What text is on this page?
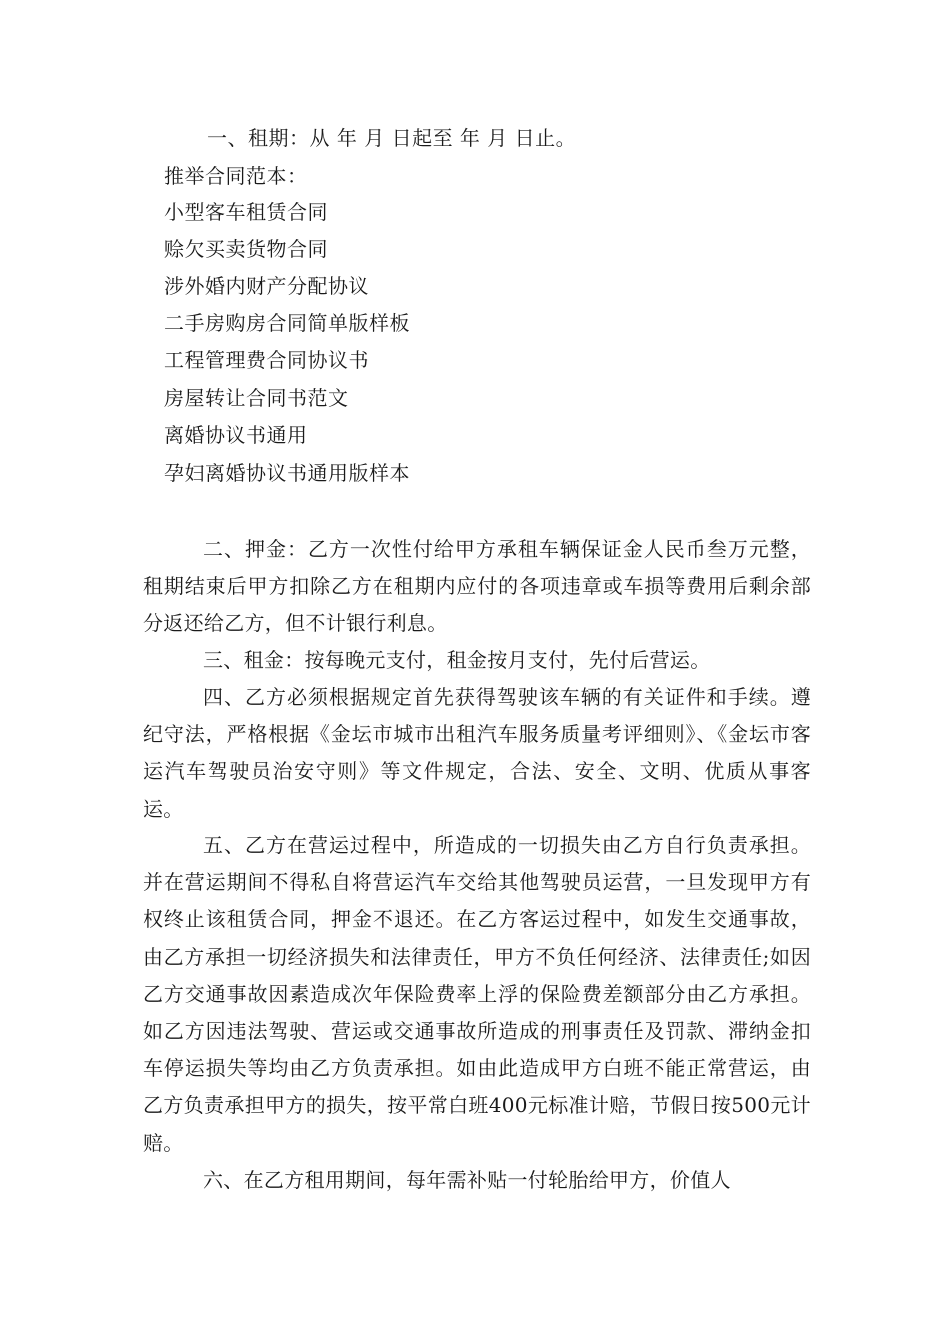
一、租期：从 年 月 日起至 年 月 日止。
推举合同范本：
小型客车租赁合同
赊欠买卖货物合同
涉外婚内财产分配协议
二手房购房合同简单版样板
工程管理费合同协议书
房屋转让合同书范文
离婚协议书通用
孕妇离婚协议书通用版样本
二、押金：乙方一次性付给甲方承租车辆保证金人民币叁万元整，租期结束后甲方扣除乙方在租期内应付的各项违章或车损等费用后剩余部分返还给乙方，但不计银行利息。
三、租金：按每晚元支付，租金按月支付，先付后营运。
四、乙方必须根据规定首先获得驾驶该车辆的有关证件和手续。遵纪守法，严格根据《金坛市城市出租汽车服务质量考评细则》、《金坛市客运汽车驾驶员治安守则》等文件规定，合法、安全、文明、优质从事客运。
五、乙方在营运过程中，所造成的一切损失由乙方自行负责承担。并在营运期间不得私自将营运汽车交给其他驾驶员运营，一旦发现甲方有权终止该租赁合同，押金不退还。在乙方客运过程中，如发生交通事故，由乙方承担一切经济损失和法律责任，甲方不负任何经济、法律责任;如因乙方交通事故因素造成次年保险费率上浮的保险费差额部分由乙方承担。如乙方因违法驾驶、营运或交通事故所造成的刑事责任及罚款、滞纳金扣车停运损失等均由乙方负责承担。如由此造成甲方白班不能正常营运，由乙方负责承担甲方的损失，按平常白班400元标准计赔，节假日按500元计赔。
六、在乙方租用期间，每年需补贴一付轮胎给甲方，价值人
